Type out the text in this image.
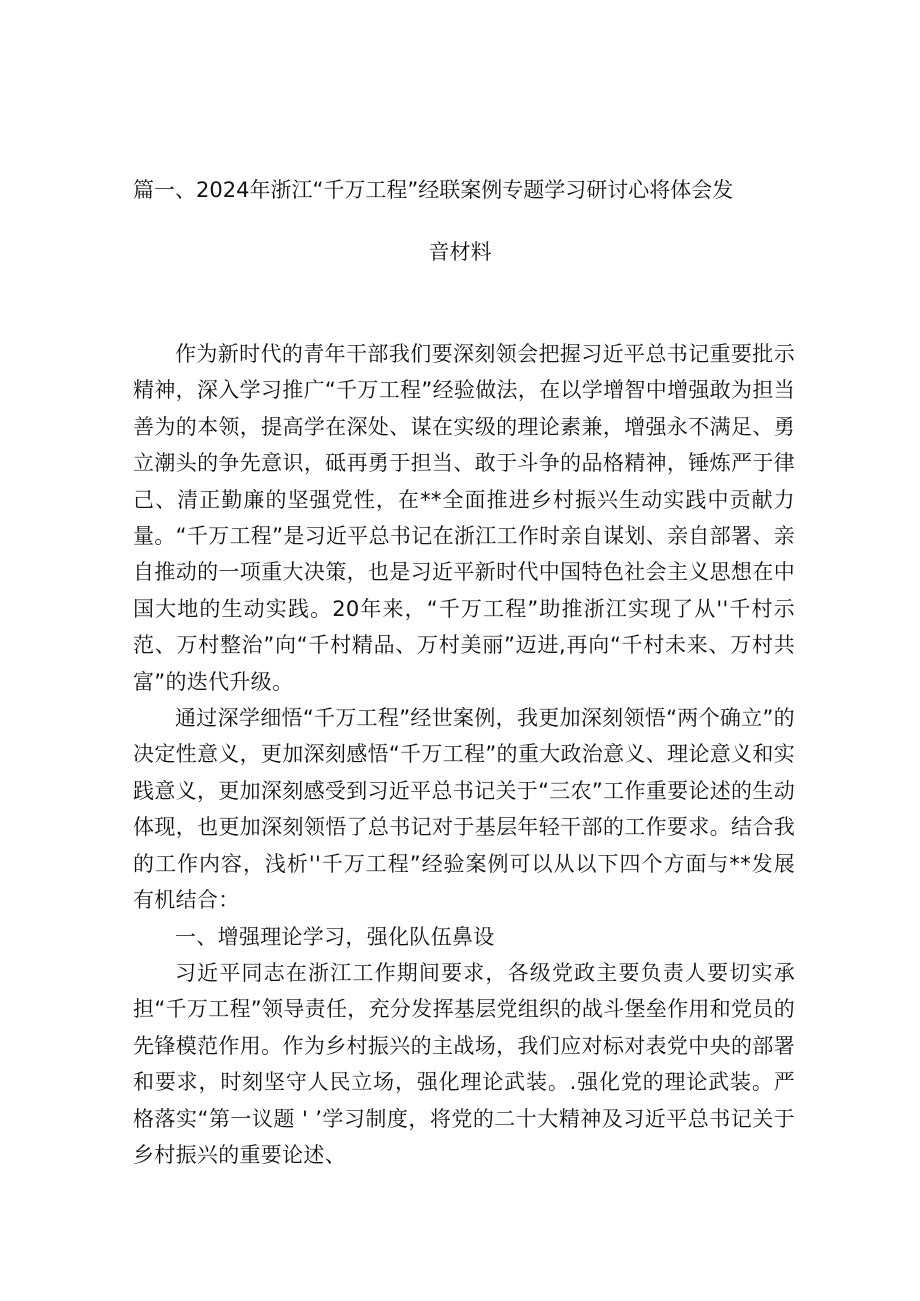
篇一、2024年浙江“千万工程”经联案例专题学习研讨心将体会发
音材料

作为新时代的青年干部我们要深刻领会把握习近平总书记重要批示精神，深入学习推广“千万工程”经验做法，在以学增智中增强敢为担当善为的本领，提高学在深处、谋在实级的理论素兼，增强永不满足、勇立潮头的争先意识，砥再勇于担当、敢于斗争的品格精神，锤炼严于律己、清正勤廉的坚强党性，在**全面推进乡村振兴生动实践中贡献力量。“千万工程”是习近平总书记在浙江工作时亲自谋划、亲自部署、亲自推动的一项重大决策，也是习近平新时代中国特色社会主义思想在中国大地的生动实践。20年来，“千万工程”助推浙江实现了从''千村示范、万村整治”向“千村精品、万村美丽”迈进,再向“千村未来、万村共富”的迭代升级。

通过深学细悟“千万工程”经世案例，我更加深刻领悟“两个确立”的决定性意义，更加深刻感悟“千万工程”的重大政治意义、理论意义和实践意义，更加深刻感受到习近平总书记关于“三农”工作重要论述的生动体现，也更加深刻领悟了总书记对于基层年轻干部的工作要求。结合我的工作内容，浅析''千万工程”经验案例可以从以下四个方面与**发展有机结合：

一、增强理论学习，强化队伍鼻设

习近平同志在浙江工作期间要求，各级党政主要负责人要切实承担“千万工程”领导责任，充分发挥基层党组织的战斗堡垒作用和党员的先锋模范作用。作为乡村振兴的主战场，我们应对标对表党中央的部署和要求，时刻坚守人民立场，强化理论武装。.强化党的理论武装。严格落实“第一议题 ' ’学习制度，将党的二十大精神及习近平总书记关于乡村振兴的重要论述、
